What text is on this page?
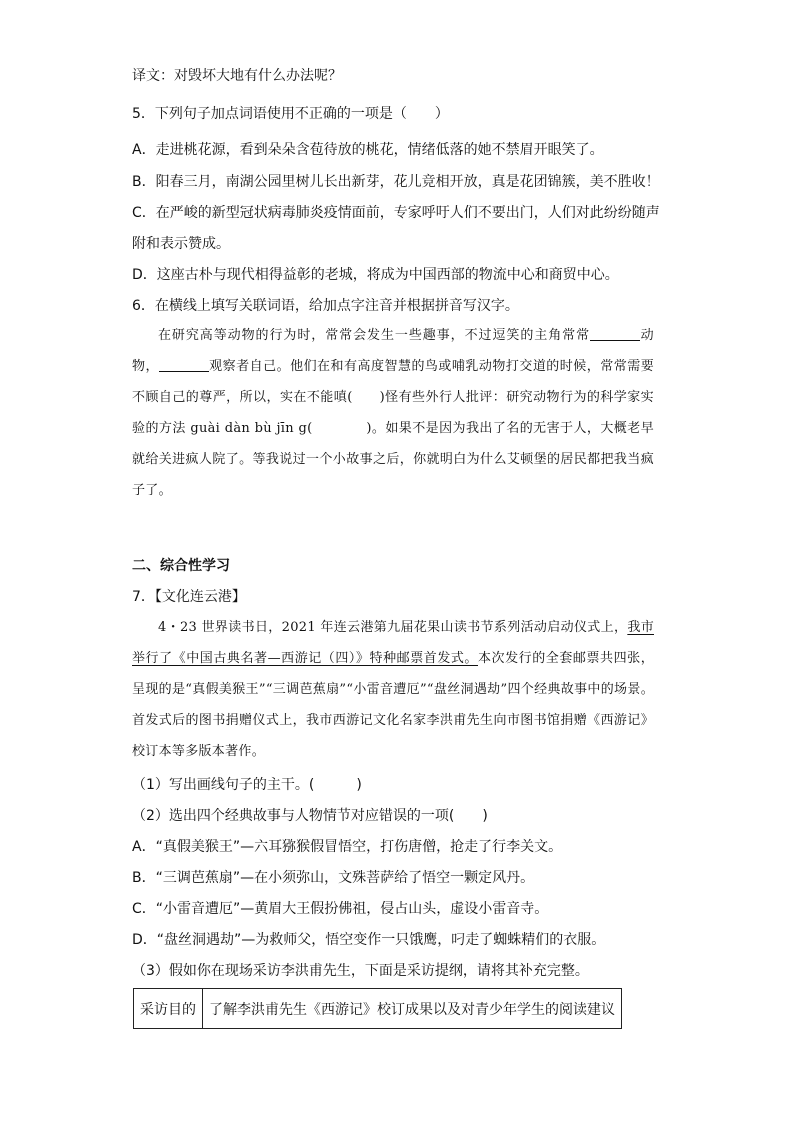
译文：对毁坏大地有什么办法呢？
5．下列句子加点词语使用不正确的一项是（　　）
A．走进桃花源，看到朵朵含苞待放的桃花，情绪低落的她不禁眉开眼笑了。
B．阳春三月，南湖公园里树儿长出新芽，花儿竞相开放，真是花团锦簇，美不胜收！
C．在严峻的新型冠状病毒肺炎疫情面前，专家呼吁人们不要出门，人们对此纷纷随声
附和表示赞成。
D．这座古朴与现代相得益彰的老城，将成为中国西部的物流中心和商贸中心。
6．在横线上填写关联词语，给加点字注音并根据拼音写汉字。

在研究高等动物的行为时，常常会发生一些趣事，不过逗笑的主角常常	动物，	观察者自己。他们在和有高度智慧的鸟或哺乳动物打交道的时候，常常需要不顾自己的尊严，所以，实在不能嗔(　　)怪有些外行人批评：研究动物行为的科学家实验的方法 guài dàn bù jīn g(　　　　)。如果不是因为我出了名的无害于人，大概老早就给关进疯人院了。等我说过一个小故事之后，你就明白为什么艾顿堡的居民都把我当疯子了。

二、综合性学习
7．【文化连云港】

4・23 世界读书日，2021 年连云港第九届花果山读书节系列活动启动仪式上，我市举行了《中国古典名著—西游记（四）》特种邮票首发式。本次发行的全套邮票共四张，呈现的是“真假美猴王”“三调芭蕉扇”“小雷音遭厄”“盘丝洞遇劫”四个经典故事中的场景。首发式后的图书捐赠仪式上，我市西游记文化名家李洪甫先生向市图书馆捐赠《西游记》校订本等多版本著作。

（1）写出画线句子的主干。(　　　)
（2）选出四个经典故事与人物情节对应错误的一项(　　)
A．“真假美猴王”—六耳猕猴假冒悟空，打伤唐僧，抢走了行李关文。
B．“三调芭蕉扇”—在小须弥山，文殊菩萨给了悟空一颗定风丹。
C．“小雷音遭厄”—黄眉大王假扮佛祖，侵占山头，虚设小雷音寺。
D．“盘丝洞遇劫”—为救师父，悟空变作一只饿鹰，叼走了蜘蛛精们的衣服。
（3）假如你在现场采访李洪甫先生，下面是采访提纲，请将其补充完整。
采访目的	了解李洪甫先生《西游记》校订成果以及对青少年学生的阅读建议
